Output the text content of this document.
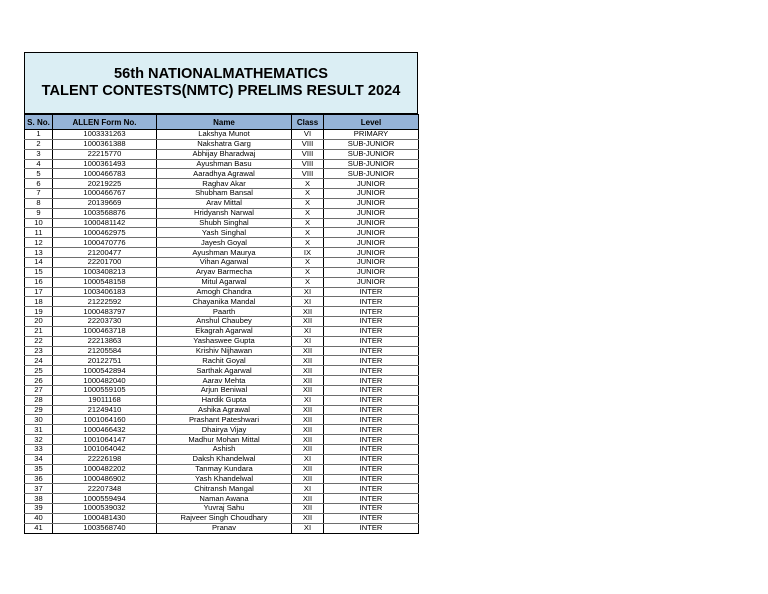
56th NATIONALMATHEMATICS
TALENT CONTESTS(NMTC) PRELIMS RESULT 2024
S. No.	ALLEN Form No.	Name	Class	Level
1	1003331263	Lakshya Munot	VI	PRIMARY
2	1000361388	Nakshatra Garg	VIII	SUB-JUNIOR
3	22215770	Abhijay Bharadwaj	VIII	SUB-JUNIOR
4	1000361493	Ayushman Basu	VIII	SUB-JUNIOR
5	1000466783	Aaradhya Agrawal	VIII	SUB-JUNIOR
6	20219225	Raghav Akar	X	JUNIOR
7	1000466767	Shubham Bansal	X	JUNIOR
8	20139669	Arav Mittal	X	JUNIOR
9	1003568876	Hridyansh Narwal	X	JUNIOR
10	1000481142	Shubh Singhal	X	JUNIOR
11	1000462975	Yash Singhal	X	JUNIOR
12	1000470776	Jayesh Goyal	X	JUNIOR
13	21200477	Ayushman Maurya	IX	JUNIOR
14	22201700	Vihan Agarwal	X	JUNIOR
15	1003408213	Aryav Barmecha	X	JUNIOR
16	1000548158	Mitul Agarwal	X	JUNIOR
17	1003406183	Amogh Chandra	XI	INTER
18	21222592	Chayanika Mandal	XI	INTER
19	1000483797	Paarth	XII	INTER
20	22203730	Anshul Chaubey	XII	INTER
21	1000463718	Ekagrah Agarwal	XI	INTER
22	22213863	Yashaswee Gupta	XI	INTER
23	21205584	Krishiv Nijhawan	XII	INTER
24	20122751	Rachit Goyal	XII	INTER
25	1000542894	Sarthak Agarwal	XII	INTER
26	1000482040	Aarav Mehta	XII	INTER
27	1000559105	Arjun Beniwal	XII	INTER
28	19011168	Hardik Gupta	XI	INTER
29	21249410	Ashika Agrawal	XII	INTER
30	1001064160	Prashant Pateshwari	XII	INTER
31	1000466432	Dhairya Vijay	XII	INTER
32	1001064147	Madhur Mohan Mittal	XII	INTER
33	1001064042	Ashish	XII	INTER
34	22226198	Daksh Khandelwal	XI	INTER
35	1000482202	Tanmay Kundara	XII	INTER
36	1000486902	Yash Khandelwal	XII	INTER
37	22207348	Chitransh Mangal	XI	INTER
38	1000559494	Naman Awana	XII	INTER
39	1000539032	Yuvraj Sahu	XII	INTER
40	1000481430	Rajveer Singh Choudhary	XII	INTER
41	1003568740	Pranav	XI	INTER
